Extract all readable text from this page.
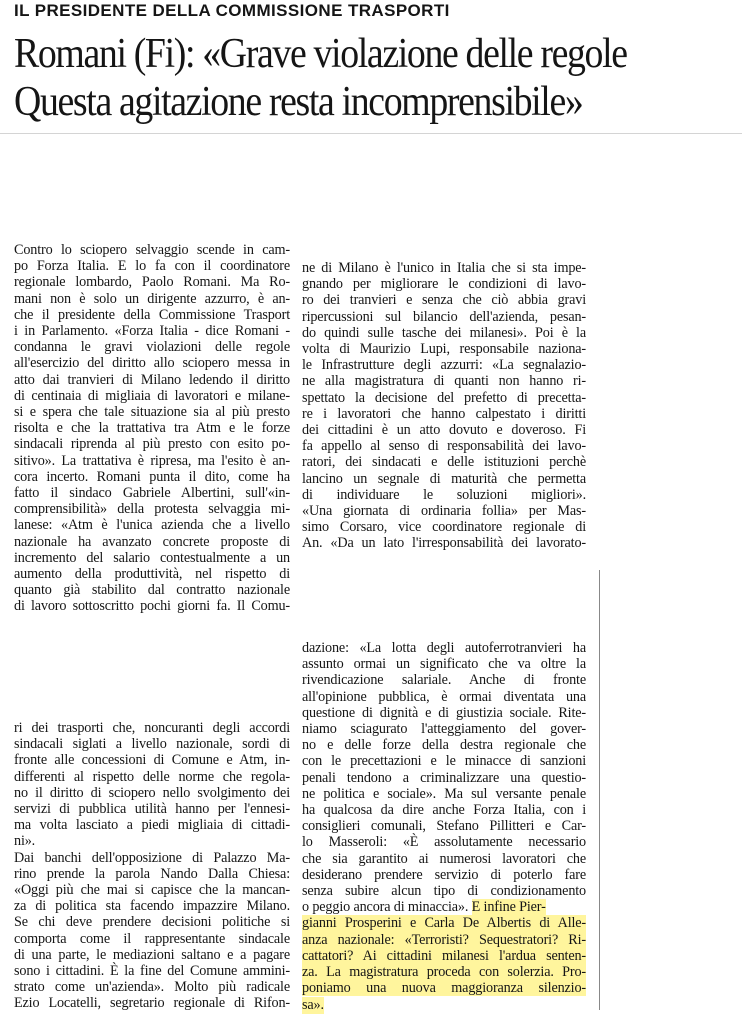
IL PRESIDENTE DELLA COMMISSIONE TRASPORTI
Romani (Fi): «Grave violazione delle regole
Questa agitazione resta incomprensibile»
Contro lo sciopero selvaggio scende in cam-
po Forza Italia. E lo fa con il coordinatore
regionale lombardo, Paolo Romani. Ma Ro-
mani non è solo un dirigente azzurro, è an-
che il presidente della Commissione Trasport
i in Parlamento. «Forza Italia - dice Romani -
condanna le gravi violazioni delle regole
all'esercizio del diritto allo sciopero messa in
atto dai tranvieri di Milano ledendo il diritto
di centinaia di migliaia di lavoratori e milane-
si e spera che tale situazione sia al più presto
risolta e che la trattativa tra Atm e le forze
sindacali riprenda al più presto con esito po-
sitivo». La trattativa è ripresa, ma l'esito è an-
cora incerto. Romani punta il dito, come ha
fatto il sindaco Gabriele Albertini, sull'«in-
comprensibilità» della protesta selvaggia mi-
lanese: «Atm è l'unica azienda che a livello
nazionale ha avanzato concrete proposte di
incremento del salario contestualmente a un
aumento della produttività, nel rispetto di
quanto già stabilito dal contratto nazionale
di lavoro sottoscritto pochi giorni fa. Il Comu-
ne di Milano è l'unico in Italia che si sta impe-
gnando per migliorare le condizioni di lavo-
ro dei tranvieri e senza che ciò abbia gravi
ripercussioni sul bilancio dell'azienda, pesan-
do quindi sulle tasche dei milanesi». Poi è la
volta di Maurizio Lupi, responsabile naziona-
le Infrastrutture degli azzurri: «La segnalazio-
ne alla magistratura di quanti non hanno ri-
spettato la decisione del prefetto di precetta-
re i lavoratori che hanno calpestato i diritti
dei cittadini è un atto dovuto e doveroso. Fi
fa appello al senso di responsabilità dei lavo-
ratori, dei sindacati e delle istituzioni perchè
lancino un segnale di maturità che permetta
di individuare le soluzioni migliori».
«Una giornata di ordinaria follia» per Mas-
simo Corsaro, vice coordinatore regionale di
An. «Da un lato l'irresponsabilità dei lavorato-
ri dei trasporti che, noncuranti degli accordi
sindacali siglati a livello nazionale, sordi di
fronte alle concessioni di Comune e Atm, in-
differenti al rispetto delle norme che regola-
no il diritto di sciopero nello svolgimento dei
servizi di pubblica utilità hanno per l'ennesi-
ma volta lasciato a piedi migliaia di cittadi-
ni».
Dai banchi dell'opposizione di Palazzo Ma-
rino prende la parola Nando Dalla Chiesa:
«Oggi più che mai si capisce che la mancan-
za di politica sta facendo impazzire Milano.
Se chi deve prendere decisioni politiche si
comporta come il rappresentante sindacale
di una parte, le mediazioni saltano e a pagare
sono i cittadini. È la fine del Comune ammini-
strato come un'azienda». Molto più radicale
Ezio Locatelli, segretario regionale di Rifon-
dazione: «La lotta degli autoferrotranvieri ha
assunto ormai un significato che va oltre la
rivendicazione salariale. Anche di fronte
all'opinione pubblica, è ormai diventata una
questione di dignità e di giustizia sociale. Rite-
niamo sciagurato l'atteggiamento del gover-
no e delle forze della destra regionale che
con le precettazioni e le minacce di sanzioni
penali tendono a criminalizzare una questio-
ne politica e sociale». Ma sul versante penale
ha qualcosa da dire anche Forza Italia, con i
consiglieri comunali, Stefano Pillitteri e Car-
lo Masseroli: «È assolutamente necessario
che sia garantito ai numerosi lavoratori che
desiderano prendere servizio di poterlo fare
senza subire alcun tipo di condizionamento
o peggio ancora di minaccia». E infine Pier-
gianni Prosperini e Carla De Albertis di Alle-
anza nazionale: «Terroristi? Sequestratori? Ri-
cattatori? Ai cittadini milanesi l'ardua senten-
za. La magistratura proceda con solerzia. Pro-
poniamo una nuova maggioranza silenzio-
sa».
